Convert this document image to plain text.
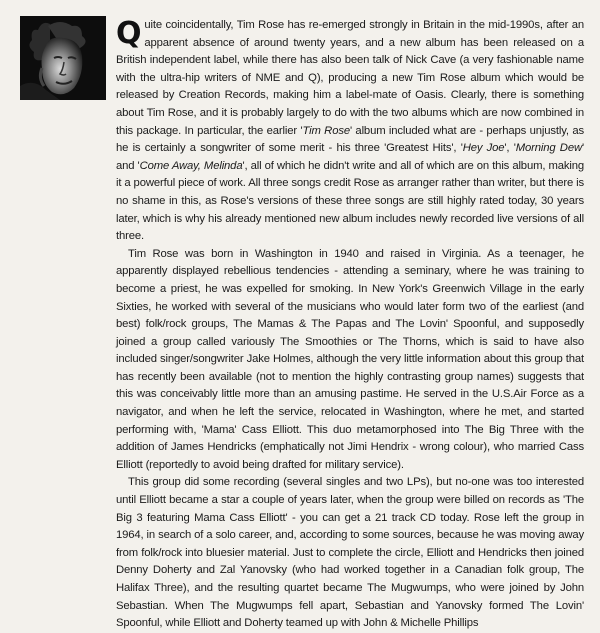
Quite coincidentally, Tim Rose has re-emerged strongly in Britain in the mid-1990s, after an apparent absence of around twenty years, and a new album has been released on a British independent label, while there has also been talk of Nick Cave (a very fashionable name with the ultra-hip writers of NME and Q), producing a new Tim Rose album which would be released by Creation Records, making him a label-mate of Oasis. Clearly, there is something about Tim Rose, and it is probably largely to do with the two albums which are now combined in this package. In particular, the earlier 'Tim Rose' album included what are - perhaps unjustly, as he is certainly a songwriter of some merit - his three 'Greatest Hits', 'Hey Joe', 'Morning Dew' and 'Come Away, Melinda', all of which he didn't write and all of which are on this album, making it a powerful piece of work. All three songs credit Rose as arranger rather than writer, but there is no shame in this, as Rose's versions of these three songs are still highly rated today, 30 years later, which is why his already mentioned new album includes newly recorded live versions of all three.

Tim Rose was born in Washington in 1940 and raised in Virginia. As a teenager, he apparently displayed rebellious tendencies - attending a seminary, where he was training to become a priest, he was expelled for smoking. In New York's Greenwich Village in the early Sixties, he worked with several of the musicians who would later form two of the earliest (and best) folk/rock groups, The Mamas & The Papas and The Lovin' Spoonful, and supposedly joined a group called variously The Smoothies or The Thorns, which is said to have also included singer/songwriter Jake Holmes, although the very little information about this group that has recently been available (not to mention the highly contrasting group names) suggests that this was conceivably little more than an amusing pastime. He served in the U.S.Air Force as a navigator, and when he left the service, relocated in Washington, where he met, and started performing with, 'Mama' Cass Elliott. This duo metamorphosed into The Big Three with the addition of James Hendricks (emphatically not Jimi Hendrix - wrong colour), who married Cass Elliott (reportedly to avoid being drafted for military service).

This group did some recording (several singles and two LPs), but no-one was too interested until Elliott became a star a couple of years later, when the group were billed on records as 'The Big 3 featuring Mama Cass Elliott' - you can get a 21 track CD today. Rose left the group in 1964, in search of a solo career, and, according to some sources, because he was moving away from folk/rock into bluesier material. Just to complete the circle, Elliott and Hendricks then joined Denny Doherty and Zal Yanovsky (who had worked together in a Canadian folk group, The Halifax Three), and the resulting quartet became The Mugwumps, who were joined by John Sebastian. When The Mugwumps fell apart, Sebastian and Yanovsky formed The Lovin' Spoonful, while Elliott and Doherty teamed up with John & Michelle Phillips
